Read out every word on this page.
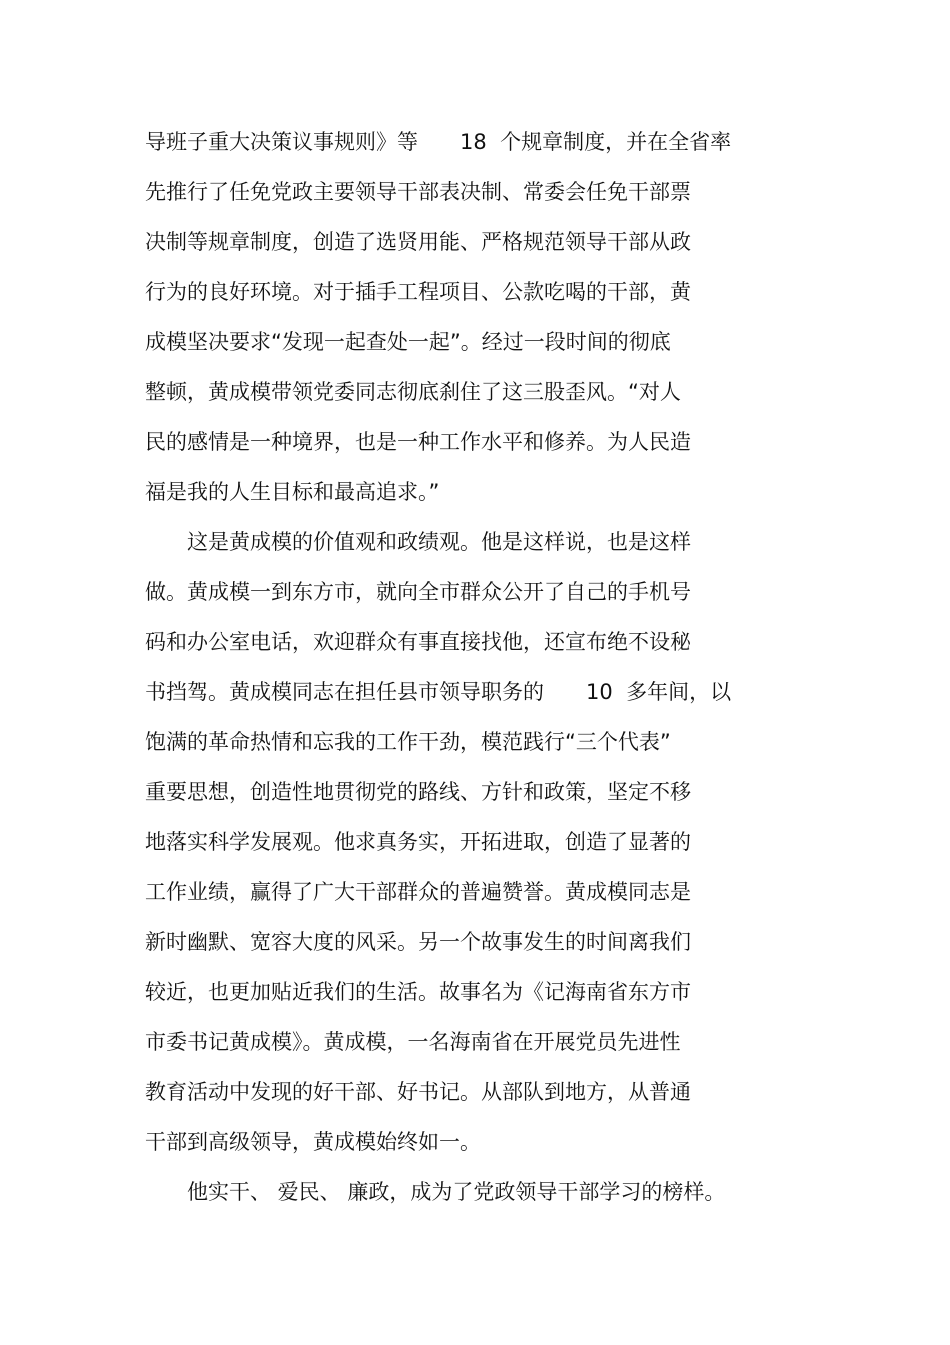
导班子重大决策议事规则》等　　18  个规章制度，并在全省率
先推行了任免党政主要领导干部表决制、常委会任免干部票
决制等规章制度，创造了选贤用能、严格规范领导干部从政
行为的良好环境。对于插手工程项目、公款吃喝的干部，黄
成模坚决要求“发现一起查处一起”。经过一段时间的彻底
整顿，黄成模带领党委同志彻底刹住了这三股歪风。“对人
民的感情是一种境界，也是一种工作水平和修养。为人民造
福是我的人生目标和最高追求。”
　　这是黄成模的价值观和政绩观。他是这样说，也是这样
做。黄成模一到东方市，就向全市群众公开了自己的手机号
码和办公室电话，欢迎群众有事直接找他，还宣布绝不设秘
书挡驾。黄成模同志在担任县市领导职务的　　10  多年间，以
饱满的革命热情和忘我的工作干劲，模范践行“三个代表”
重要思想，创造性地贯彻党的路线、方针和政策，坚定不移
地落实科学发展观。他求真务实，开拓进取，创造了显著的
工作业绩，赢得了广大干部群众的普遍赞誉。黄成模同志是
新时幽默、宽容大度的风采。另一个故事发生的时间离我们
较近，也更加贴近我们的生活。故事名为《记海南省东方市
市委书记黄成模》。黄成模，一名海南省在开展党员先进性
教育活动中发现的好干部、好书记。从部队到地方，从普通
干部到高级领导，黄成模始终如一。
　　他实干、 爱民、 廉政，成为了党政领导干部学习的榜样。
